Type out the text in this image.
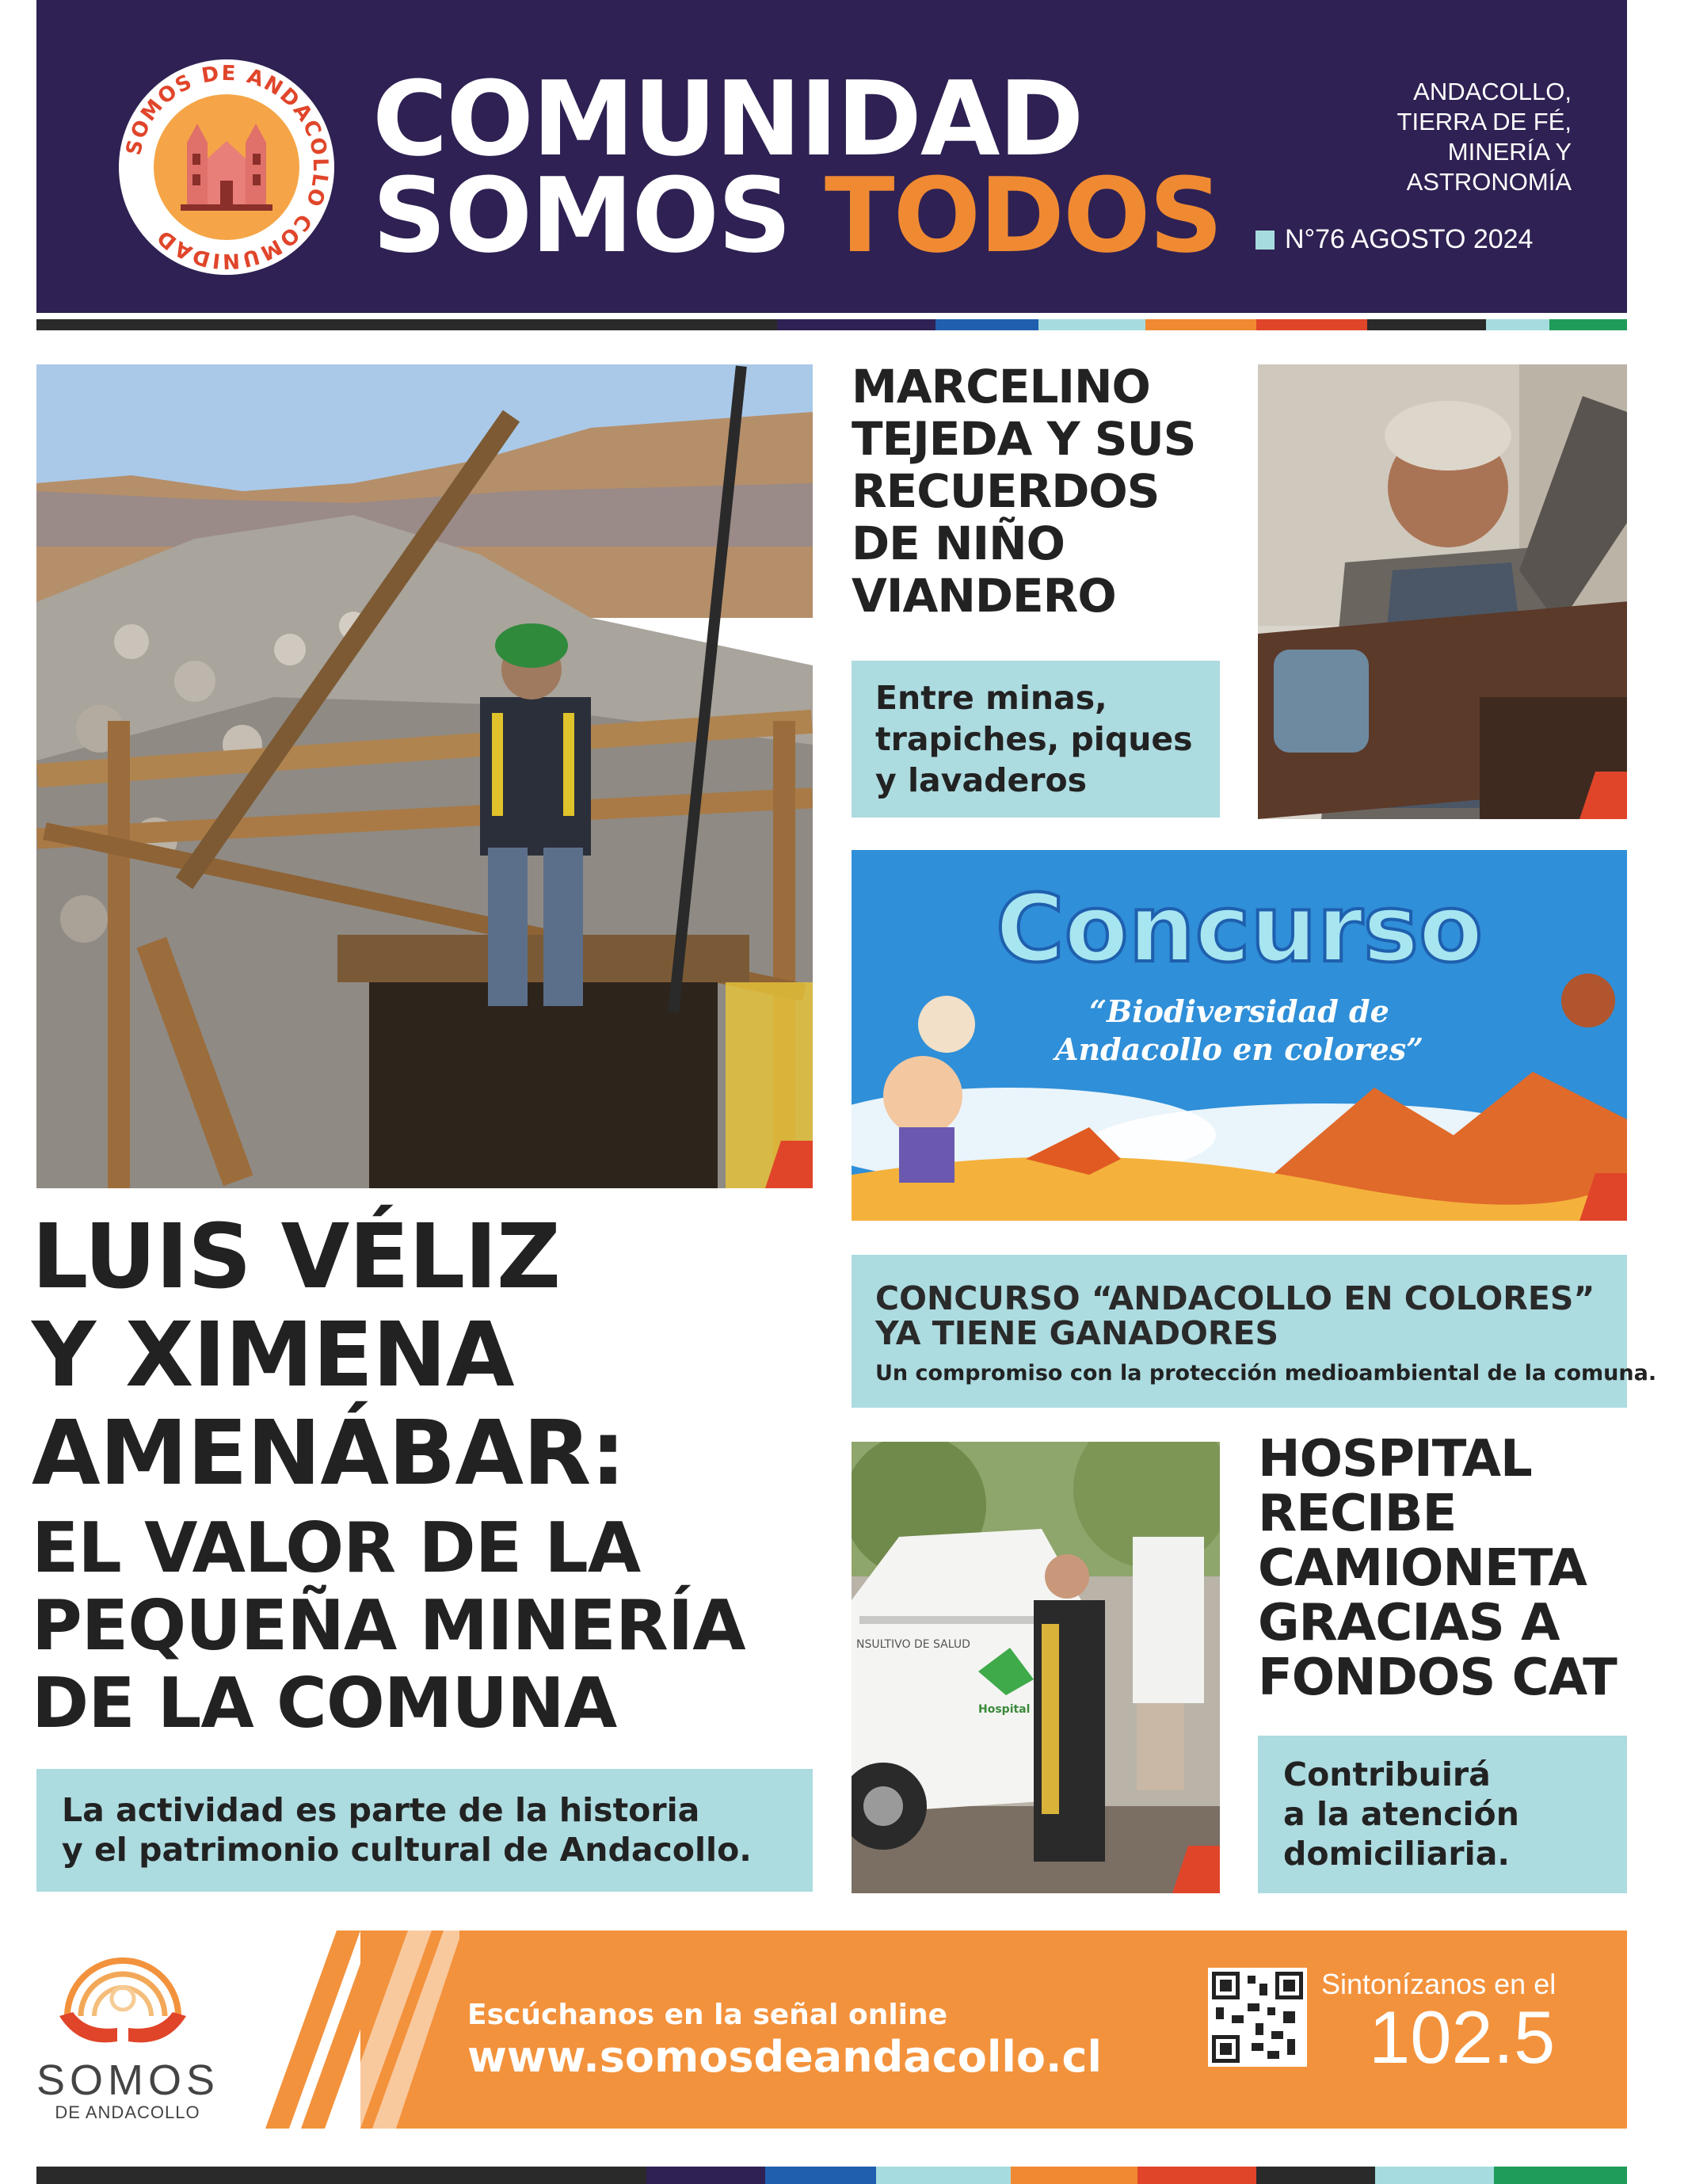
SOMOS DE ANDACOLLO COMUNIDAD
COMUNIDAD
SOMOS TODOS
ANDACOLLO,
TIERRA DE FÉ,
MINERÍA Y
ASTRONOMÍA
N°76 AGOSTO 2024
LUIS VÉLIZ
Y XIMENA
AMENÁBAR:
EL VALOR DE LA
PEQUEÑA MINERÍA
DE LA COMUNA
La actividad es parte de la historia
y el patrimonio cultural de Andacollo.
MARCELINO
TEJEDA Y SUS
RECUERDOS
DE NIÑO
VIANDERO
Entre minas,
trapiches, piques
y lavaderos
Concurso
“Biodiversidad de
Andacollo en colores”
CONCURSO “ANDACOLLO EN COLORES”
YA TIENE GANADORES
Un compromiso con la protección medioambiental de la comuna.
NSULTIVO DE SALUD
Hospital
HOSPITAL
RECIBE
CAMIONETA
GRACIAS A
FONDOS CAT
Contribuirá
a la atención
domiciliaria.
SOMOS
DE ANDACOLLO
Escúchanos en la señal online
www.somosdeandacollo.cl
Sintonízanos en el
102.5
